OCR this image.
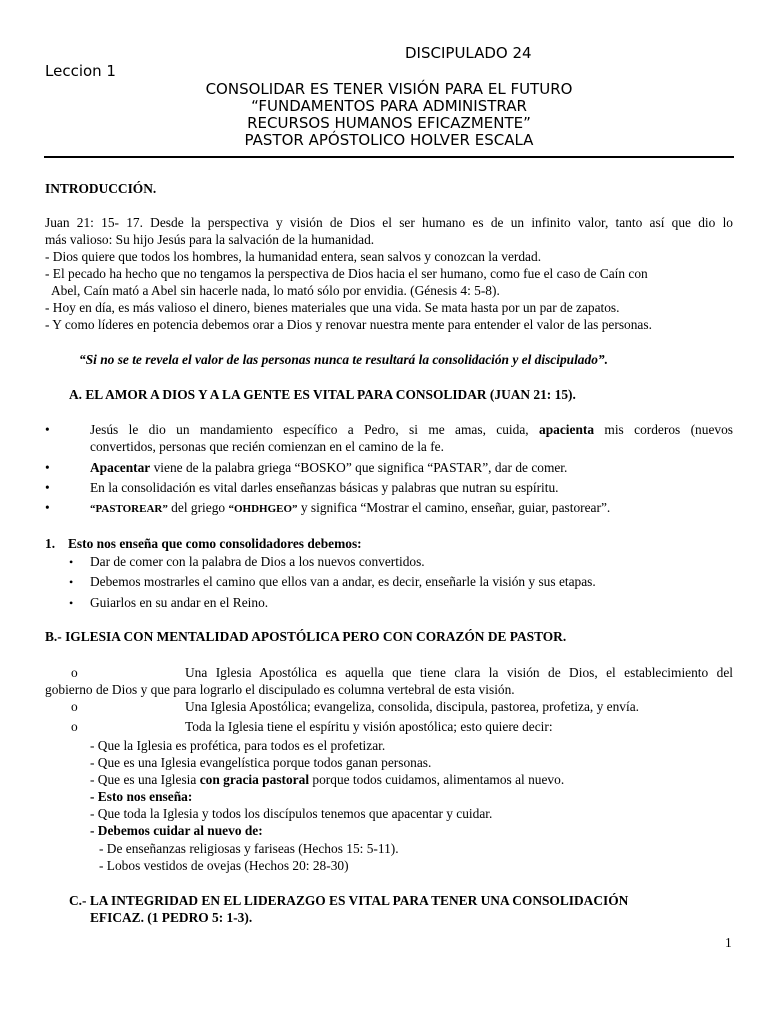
DISCIPULADO 24
Leccion 1
CONSOLIDAR ES TENER VISIÓN PARA EL FUTURO
“FUNDAMENTOS PARA ADMINISTRAR
RECURSOS HUMANOS EFICAZMENTE”
PASTOR APÓSTOLICO HOLVER ESCALA
INTRODUCCIÓN.
Juan 21: 15- 17. Desde la perspectiva y visión de Dios el ser humano es de un infinito valor, tanto así que dio lo
más valioso: Su hijo Jesús para la salvación de la humanidad.
- Dios quiere que todos los hombres, la humanidad entera, sean salvos y conozcan la verdad.
- El pecado ha hecho que no tengamos la perspectiva de Dios hacia el ser humano, como fue el caso de Caín con
Abel, Caín mató a Abel sin hacerle nada, lo mató sólo por envidia. (Génesis 4: 5-8).
- Hoy en día, es más valioso el dinero, bienes materiales que una vida. Se mata hasta por un par de zapatos.
- Y como líderes en potencia debemos orar a Dios y renovar nuestra mente para entender el valor de las personas.
“Si no se te revela el valor de las personas nunca te resultará la consolidación y el discipulado”.
A. EL AMOR A DIOS Y A LA GENTE ES VITAL PARA CONSOLIDAR (JUAN 21: 15).
•	Jesús le dio un mandamiento específico a Pedro, si me amas, cuida, apacienta mis corderos (nuevos
convertidos, personas que recién comienzan en el camino de la fe.
•	Apacentar viene de la palabra griega “BOSKO” que significa “PASTAR”, dar de comer.
•	En la consolidación es vital darles enseñanzas básicas y palabras que nutran su espíritu.
•	“PASTOREAR” del griego “OHDHGEO” y significa “Mostrar el camino, enseñar, guiar, pastorear”.
1. Esto nos enseña que como consolidadores debemos:
• Dar de comer con la palabra de Dios a los nuevos convertidos.
• Debemos mostrarles el camino que ellos van a andar, es decir, enseñarle la visión y sus etapas.
• Guiarlos en su andar en el Reino.
B.- IGLESIA CON MENTALIDAD APOSTÓLICA PERO CON CORAZÓN DE PASTOR.
o	Una Iglesia Apostólica es aquella que tiene clara la visión de Dios, el establecimiento del
gobierno de Dios y que para lograrlo el discipulado es columna vertebral de esta visión.
o	Una Iglesia Apostólica; evangeliza, consolida, discipula, pastorea, profetiza, y envía.
o	Toda la Iglesia tiene el espíritu y visión apostólica; esto quiere decir:
- Que la Iglesia es profética, para todos es el profetizar.
- Que es una Iglesia evangelística porque todos ganan personas.
- Que es una Iglesia con gracia pastoral porque todos cuidamos, alimentamos al nuevo.
- Esto nos enseña:
- Que toda la Iglesia y todos los discípulos tenemos que apacentar y cuidar.
- Debemos cuidar al nuevo de:
- De enseñanzas religiosas y fariseas (Hechos 15: 5-11).
- Lobos vestidos de ovejas (Hechos 20: 28-30)
C.- LA INTEGRIDAD EN EL LIDERAZGO ES VITAL PARA TENER UNA CONSOLIDACIÓN
EFICAZ. (1 PEDRO 5: 1-3).
1
